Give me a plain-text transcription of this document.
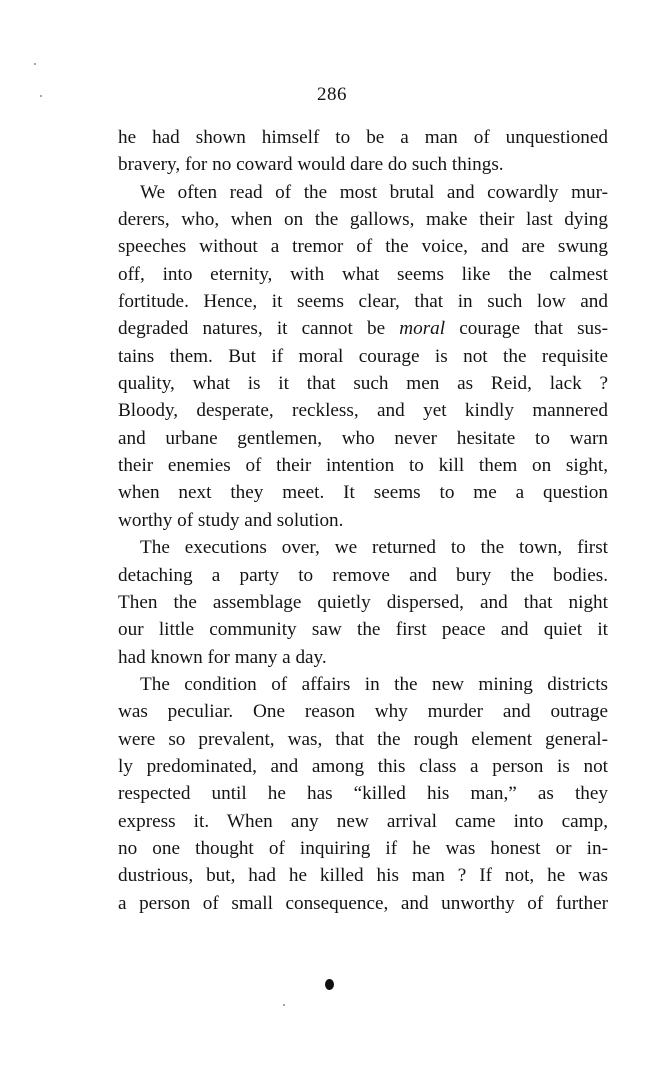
286
he had shown himself to be a man of unquestioned
bravery, for no coward would dare do such things.
We often read of the most brutal and cowardly mur-
derers, who, when on the gallows, make their last dying
speeches without a tremor of the voice, and are swung
off, into eternity, with what seems like the calmest
fortitude. Hence, it seems clear, that in such low and
degraded natures, it cannot be moral courage that sus-
tains them. But if moral courage is not the requisite
quality, what is it that such men as Reid, lack ?
Bloody, desperate, reckless, and yet kindly mannered
and urbane gentlemen, who never hesitate to warn
their enemies of their intention to kill them on sight,
when next they meet. It seems to me a question
worthy of study and solution.
The executions over, we returned to the town, first
detaching a party to remove and bury the bodies.
Then the assemblage quietly dispersed, and that night
our little community saw the first peace and quiet it
had known for many a day.
The condition of affairs in the new mining districts
was peculiar. One reason why murder and outrage
were so prevalent, was, that the rough element general-
ly predominated, and among this class a person is not
respected until he has “killed his man,” as they
express it. When any new arrival came into camp,
no one thought of inquiring if he was honest or in-
dustrious, but, had he killed his man ? If not, he was
a person of small consequence, and unworthy of further
